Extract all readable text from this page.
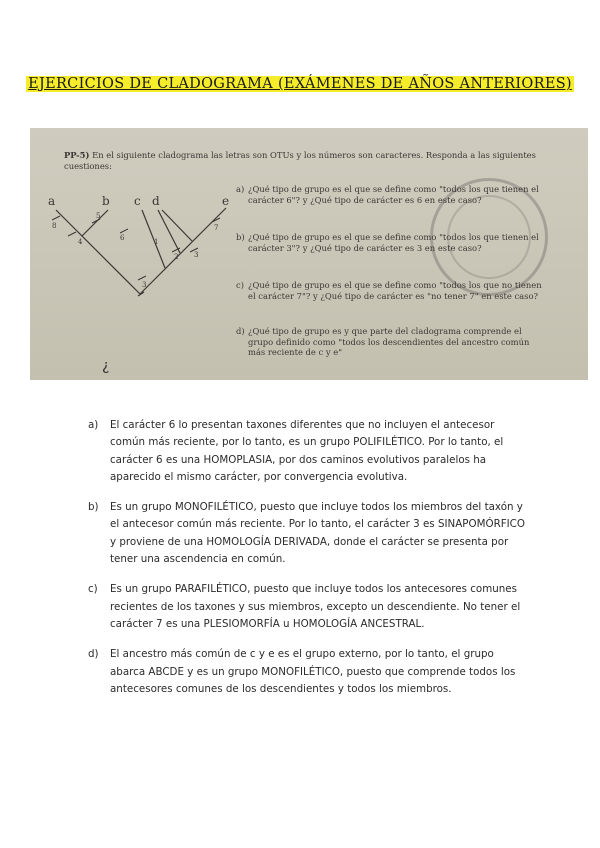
EJERCICIOS DE CLADOGRAMA (EXÁMENES DE AÑOS ANTERIORES)
PP-5) En el siguiente cladograma las letras son OTUs y los números son caracteres. Responda a las siguientes cuestiones:
a	b c d	e
8
5
6
4	1
7
2 3
3
a) ¿Qué tipo de grupo es el que se define como "todos los que tienen el carácter 6"? y ¿Qué tipo de carácter es 6 en este caso?
b) ¿Qué tipo de grupo es el que se define como "todos los que tienen el carácter 3"? y ¿Qué tipo de carácter es 3 en este caso?
c) ¿Qué tipo de grupo es el que se define como "todos los que no tienen el carácter 7"? y ¿Qué tipo de carácter es "no tener 7" en este caso?
d) ¿Qué tipo de grupo es y que parte del cladograma comprende el grupo definido como "todos los descendientes del ancestro común más reciente de c y e"
¿
a) El carácter 6 lo presentan taxones diferentes que no incluyen el antecesor común más reciente, por lo tanto, es un grupo POLIFILÉTICO. Por lo tanto, el carácter 6 es una HOMOPLASIA, por dos caminos evolutivos paralelos ha aparecido el mismo carácter, por convergencia evolutiva.
b) Es un grupo MONOFILÉTICO, puesto que incluye todos los miembros del taxón y el antecesor común más reciente. Por lo tanto, el carácter 3 es SINAPOMÓRFICO y proviene de una HOMOLOGÍA DERIVADA, donde el carácter se presenta por tener una ascendencia en común.
c) Es un grupo PARAFILÉTICO, puesto que incluye todos los antecesores comunes recientes de los taxones y sus miembros, excepto un descendiente. No tener el carácter 7 es una PLESIOMORFÍA u HOMOLOGÍA ANCESTRAL.
d) El ancestro más común de c y e es el grupo externo, por lo tanto, el grupo abarca ABCDE y es un grupo MONOFILÉTICO, puesto que comprende todos los antecesores comunes de los descendientes y todos los miembros.
